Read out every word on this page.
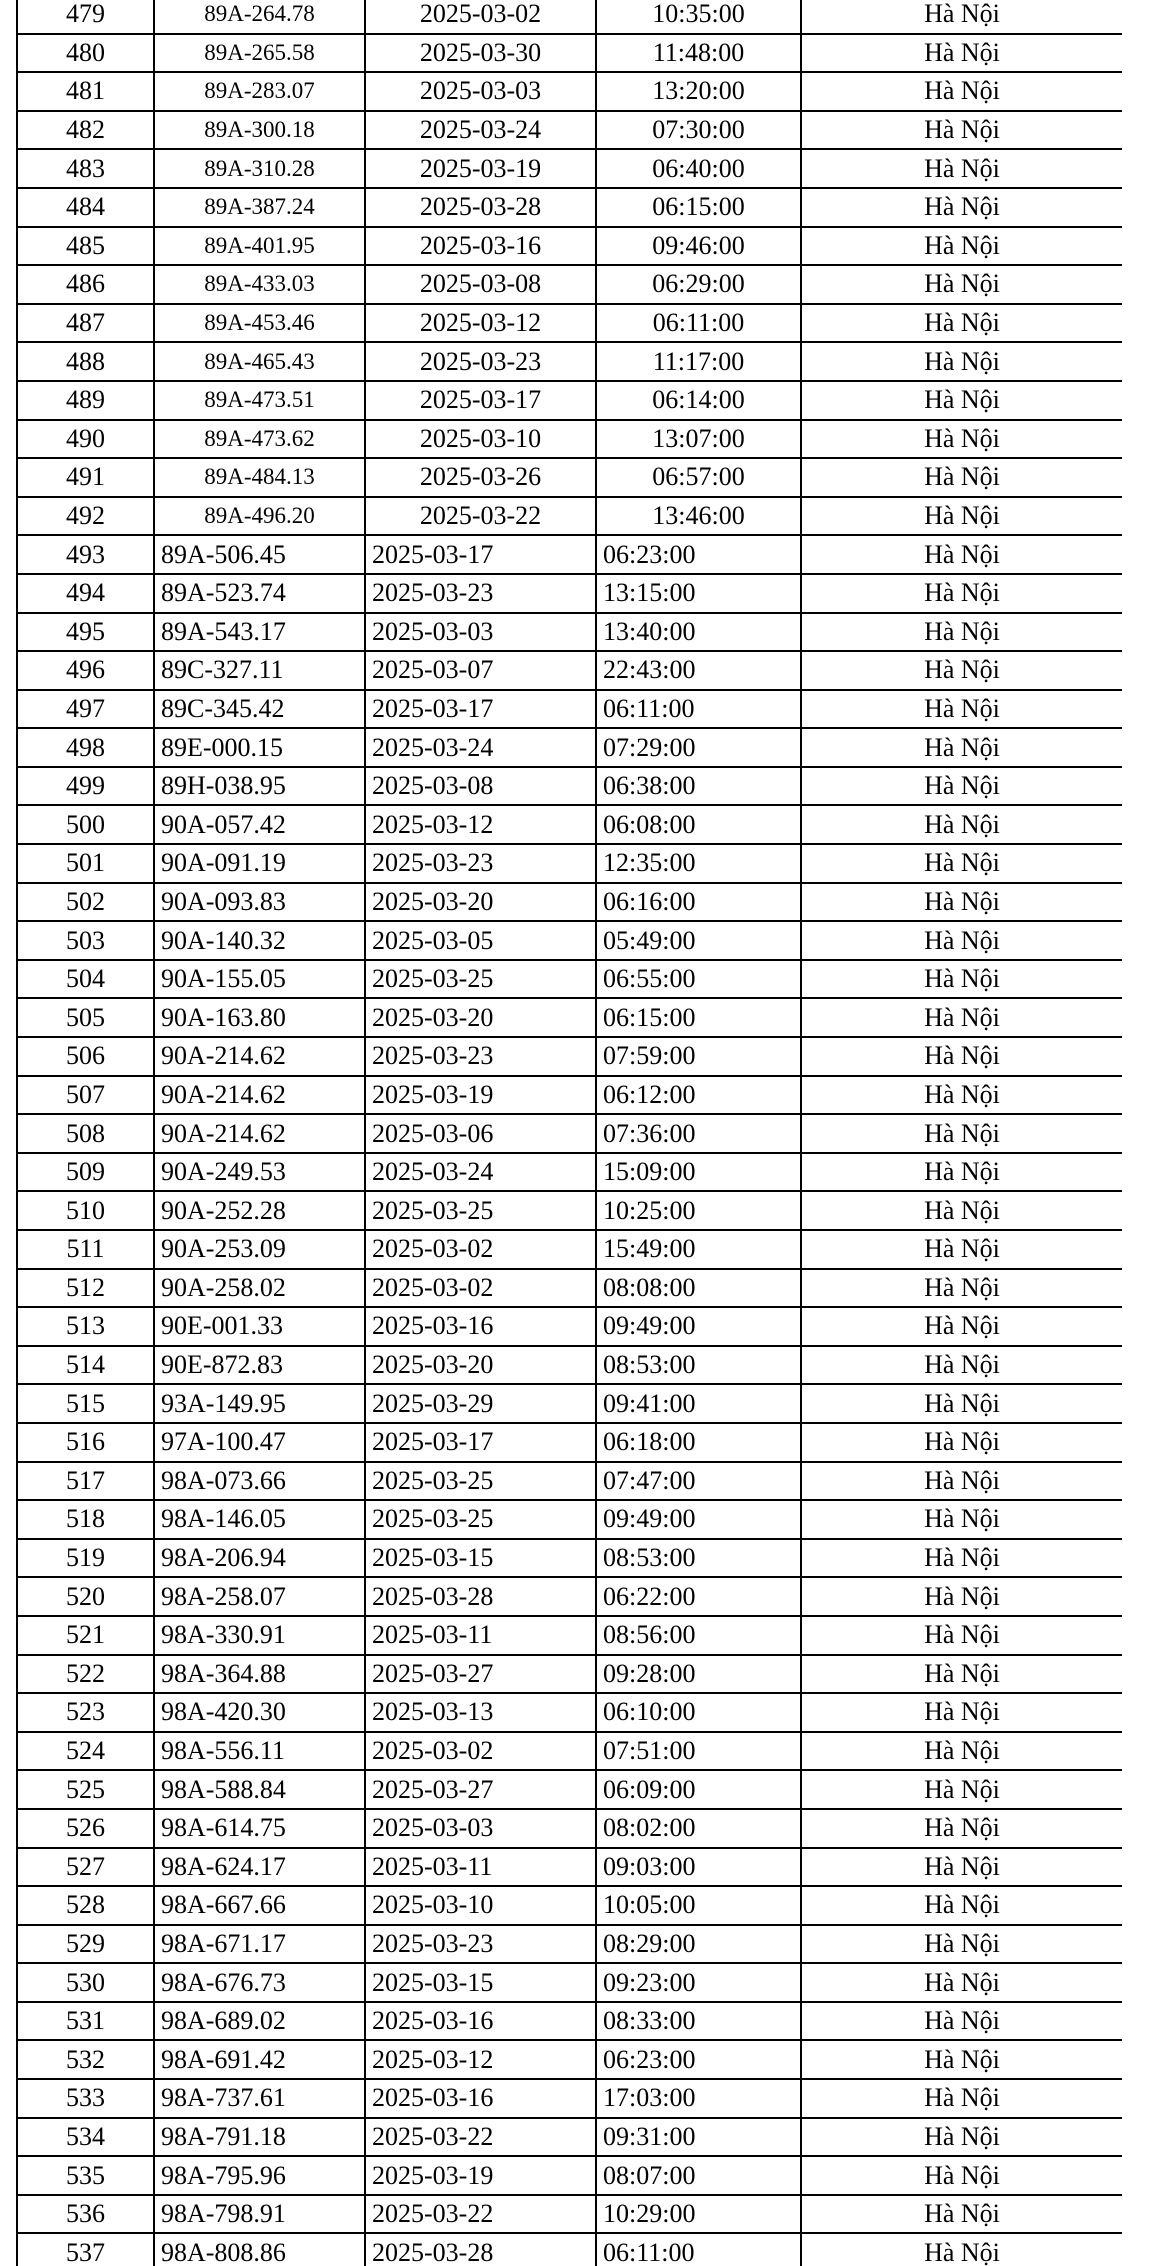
479	89A-264.78	2025-03-02	10:35:00	Hà Nội
480	89A-265.58	2025-03-30	11:48:00	Hà Nội
481	89A-283.07	2025-03-03	13:20:00	Hà Nội
482	89A-300.18	2025-03-24	07:30:00	Hà Nội
483	89A-310.28	2025-03-19	06:40:00	Hà Nội
484	89A-387.24	2025-03-28	06:15:00	Hà Nội
485	89A-401.95	2025-03-16	09:46:00	Hà Nội
486	89A-433.03	2025-03-08	06:29:00	Hà Nội
487	89A-453.46	2025-03-12	06:11:00	Hà Nội
488	89A-465.43	2025-03-23	11:17:00	Hà Nội
489	89A-473.51	2025-03-17	06:14:00	Hà Nội
490	89A-473.62	2025-03-10	13:07:00	Hà Nội
491	89A-484.13	2025-03-26	06:57:00	Hà Nội
492	89A-496.20	2025-03-22	13:46:00	Hà Nội
493	89A-506.45	2025-03-17	06:23:00	Hà Nội
494	89A-523.74	2025-03-23	13:15:00	Hà Nội
495	89A-543.17	2025-03-03	13:40:00	Hà Nội
496	89C-327.11	2025-03-07	22:43:00	Hà Nội
497	89C-345.42	2025-03-17	06:11:00	Hà Nội
498	89E-000.15	2025-03-24	07:29:00	Hà Nội
499	89H-038.95	2025-03-08	06:38:00	Hà Nội
500	90A-057.42	2025-03-12	06:08:00	Hà Nội
501	90A-091.19	2025-03-23	12:35:00	Hà Nội
502	90A-093.83	2025-03-20	06:16:00	Hà Nội
503	90A-140.32	2025-03-05	05:49:00	Hà Nội
504	90A-155.05	2025-03-25	06:55:00	Hà Nội
505	90A-163.80	2025-03-20	06:15:00	Hà Nội
506	90A-214.62	2025-03-23	07:59:00	Hà Nội
507	90A-214.62	2025-03-19	06:12:00	Hà Nội
508	90A-214.62	2025-03-06	07:36:00	Hà Nội
509	90A-249.53	2025-03-24	15:09:00	Hà Nội
510	90A-252.28	2025-03-25	10:25:00	Hà Nội
511	90A-253.09	2025-03-02	15:49:00	Hà Nội
512	90A-258.02	2025-03-02	08:08:00	Hà Nội
513	90E-001.33	2025-03-16	09:49:00	Hà Nội
514	90E-872.83	2025-03-20	08:53:00	Hà Nội
515	93A-149.95	2025-03-29	09:41:00	Hà Nội
516	97A-100.47	2025-03-17	06:18:00	Hà Nội
517	98A-073.66	2025-03-25	07:47:00	Hà Nội
518	98A-146.05	2025-03-25	09:49:00	Hà Nội
519	98A-206.94	2025-03-15	08:53:00	Hà Nội
520	98A-258.07	2025-03-28	06:22:00	Hà Nội
521	98A-330.91	2025-03-11	08:56:00	Hà Nội
522	98A-364.88	2025-03-27	09:28:00	Hà Nội
523	98A-420.30	2025-03-13	06:10:00	Hà Nội
524	98A-556.11	2025-03-02	07:51:00	Hà Nội
525	98A-588.84	2025-03-27	06:09:00	Hà Nội
526	98A-614.75	2025-03-03	08:02:00	Hà Nội
527	98A-624.17	2025-03-11	09:03:00	Hà Nội
528	98A-667.66	2025-03-10	10:05:00	Hà Nội
529	98A-671.17	2025-03-23	08:29:00	Hà Nội
530	98A-676.73	2025-03-15	09:23:00	Hà Nội
531	98A-689.02	2025-03-16	08:33:00	Hà Nội
532	98A-691.42	2025-03-12	06:23:00	Hà Nội
533	98A-737.61	2025-03-16	17:03:00	Hà Nội
534	98A-791.18	2025-03-22	09:31:00	Hà Nội
535	98A-795.96	2025-03-19	08:07:00	Hà Nội
536	98A-798.91	2025-03-22	10:29:00	Hà Nội
537	98A-808.86	2025-03-28	06:11:00	Hà Nội
